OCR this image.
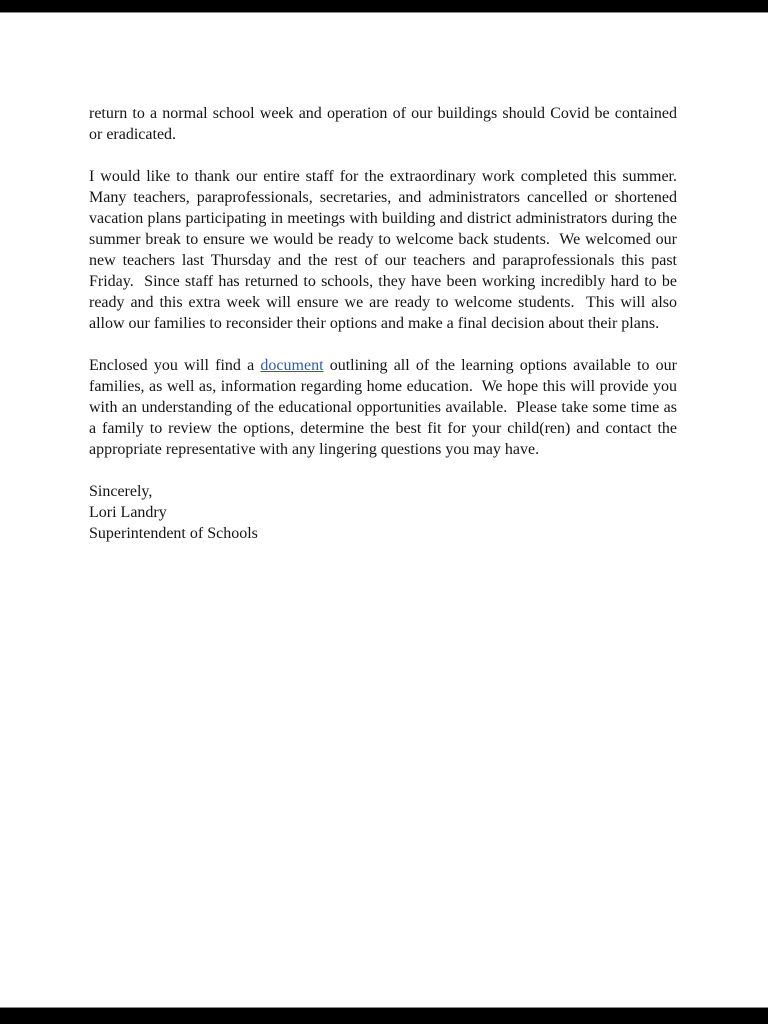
return to a normal school week and operation of our buildings should Covid be contained or eradicated.

I would like to thank our entire staff for the extraordinary work completed this summer.  Many teachers, paraprofessionals, secretaries, and administrators cancelled or shortened vacation plans participating in meetings with building and district administrators during the summer break to ensure we would be ready to welcome back students.  We welcomed our new teachers last Thursday and the rest of our teachers and paraprofessionals this past Friday.  Since staff has returned to schools, they have been working incredibly hard to be ready and this extra week will ensure we are ready to welcome students.  This will also allow our families to reconsider their options and make a final decision about their plans.

Enclosed you will find a document outlining all of the learning options available to our families, as well as, information regarding home education.  We hope this will provide you with an understanding of the educational opportunities available.  Please take some time as a family to review the options, determine the best fit for your child(ren) and contact the appropriate representative with any lingering questions you may have.

Sincerely,
Lori Landry
Superintendent of Schools
